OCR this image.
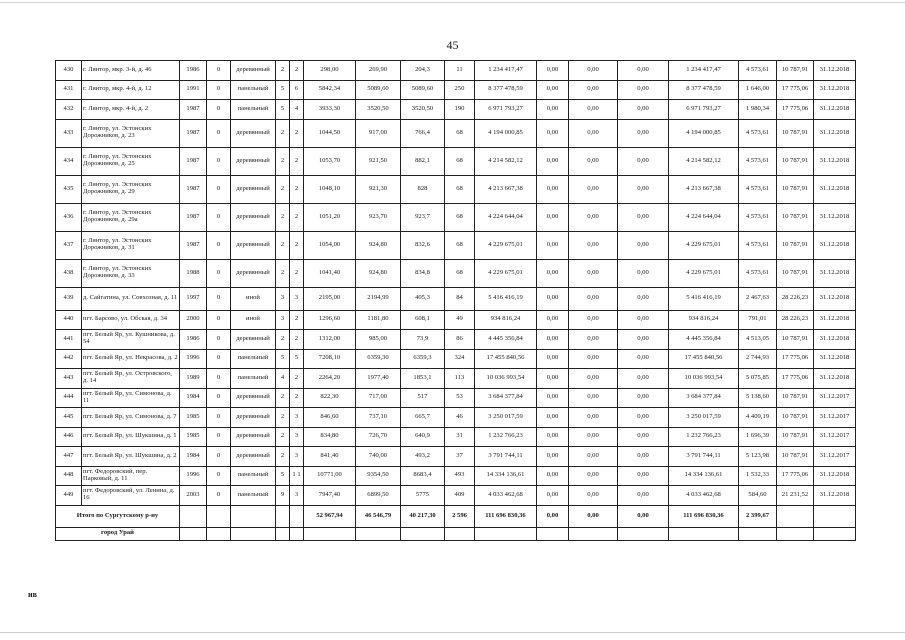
45
430	г. Лянтор, мкр. 3-й, д. 46	1986	0	деревянный	2	2	298,00	269,90	204,3	11	1 234 417,47	0,00	0,00	0,00	1 234 417,47	4 573,61	10 787,91	31.12.2018
431	г. Лянтор, мкр. 4-й, д. 12	1991	0	панельный	5	6	5842,34	5089,60	5089,60	250	8 377 478,59	0,00	0,00	0,00	8 377 478,59	1 646,00	17 775,06	31.12.2018
432	г. Лянтор, мкр. 4-й, д. 2	1987	0	панельный	5	4	3933,30	3520,50	3520,50	190	6 971 793,27	0,00	0,00	0,00	6 971 793,27	1 980,34	17 775,06	31.12.2018
433	г. Лянтор, ул. Эстонских Дорожников, д. 23	1987	0	деревянный	2	2	1044,50	917,00	766,4	68	4 194 000,85	0,00	0,00	0,00	4 194 000,85	4 573,61	10 787,91	31.12.2018
434	г. Лянтор, ул. Эстонских Дорожников, д. 25	1987	0	деревянный	2	2	1053,70	921,50	882,1	68	4 214 582,12	0,00	0,00	0,00	4 214 582,12	4 573,61	10 787,91	31.12.2018
435	г. Лянтор, ул. Эстонских Дорожников, д. 29	1987	0	деревянный	2	2	1048,10	921,30	828	68	4 213 667,38	0,00	0,00	0,00	4 213 667,38	4 573,61	10 787,91	31.12.2018
436	г. Лянтор, ул. Эстонских Дорожников, д. 29а	1987	0	деревянный	2	2	1051,20	923,70	923,7	68	4 224 644,04	0,00	0,00	0,00	4 224 644,04	4 573,61	10 787,91	31.12.2018
437	г. Лянтор, ул. Эстонских Дорожников, д. 31	1987	0	деревянный	2	2	1054,00	924,80	832,6	68	4 229 675,01	0,00	0,00	0,00	4 229 675,01	4 573,61	10 787,91	31.12.2018
438	г. Лянтор, ул. Эстонских Дорожников, д. 33	1988	0	деревянный	2	2	1041,40	924,80	834,8	68	4 229 675,01	0,00	0,00	0,00	4 229 675,01	4 573,61	10 787,91	31.12.2018
439	д. Сайгатина, ул. Совхозная, д. 11	1997	0	иной	3	3	2195,00	2194,99	405,3	84	5 416 416,19	0,00	0,00	0,00	5 416 416,19	2 467,63	28 226,23	31.12.2018
440	пгт. Барсово, ул. Обская, д. 34	2000	0	иной	3	2	1296,60	1181,80	608,1	49	934 816,24	0,00	0,00	0,00	934 816,24	791,01	28 226,23	31.12.2018
441	пгт. Белый Яр, ул. Кушникова, д. 54	1986	0	деревянный	2	2	1312,00	985,00	73,9	86	4 445 356,84	0,00	0,00	0,00	4 445 356,84	4 513,05	10 787,91	31.12.2018
442	пгт. Белый Яр, ул. Некрасова, д. 2	1996	0	панельный	5	5	7208,10	6359,30	6359,3	324	17 455 840,56	0,00	0,00	0,00	17 455 840,56	2 744,93	17 775,06	31.12.2018
443	пгт. Белый Яр, ул. Островского, д. 14	1989	0	панельный	4	2	2264,20	1977,40	1853,1	113	10 036 993,54	0,00	0,00	0,00	10 036 993,54	5 075,85	17 775,06	31.12.2018
444	пгт. Белый Яр, ул. Симонова, д. 11	1984	0	деревянный	2	2	822,30	717,00	517	53	3 684 377,84	0,00	0,00	0,00	3 684 377,84	5 138,60	10 787,91	31.12.2017
445	пгт. Белый Яр, ул. Симонова, д. 7	1985	0	деревянный	2	3	846,60	737,10	665,7	46	3 250 017,59	0,00	0,00	0,00	3 250 017,59	4 409,19	10 787,91	31.12.2017
446	пгт. Белый Яр, ул. Шукшина, д. 1	1985	0	деревянный	2	3	834,80	726,70	640,9	31	1 232 766,23	0,00	0,00	0,00	1 232 766,23	1 696,39	10 787,91	31.12.2017
447	пгт. Белый Яр, ул. Шукшина, д. 2	1984	0	деревянный	2	3	841,40	740,00	493,2	37	3 791 744,11	0,00	0,00	0,00	3 791 744,11	5 123,98	10 787,91	31.12.2017
448	пгт. Федоровский, пер. Парковый, д. 11	1996	0	панельный	5	1 1	10771,00	9354,50	8683,4	493	14 334 136,61	0,00	0,00	0,00	14 334 136,61	1 532,33	17 775,06	31.12.2018
449	пгт. Федоровский, ул. Ленина, д. 16	2003	0	панельный	9	3	7947,40	6899,50	5775	409	4 033 462,68	0,00	0,00	0,00	4 033 462,68	584,60	21 231,52	31.12.2018
Итого по Сургутскому р-ну							52 967,94	46 546,79	40 217,30	2 596	111 696 830,36	0,00	0,00	0,00	111 696 830,36	2 399,67		
город Урай																		
ив
